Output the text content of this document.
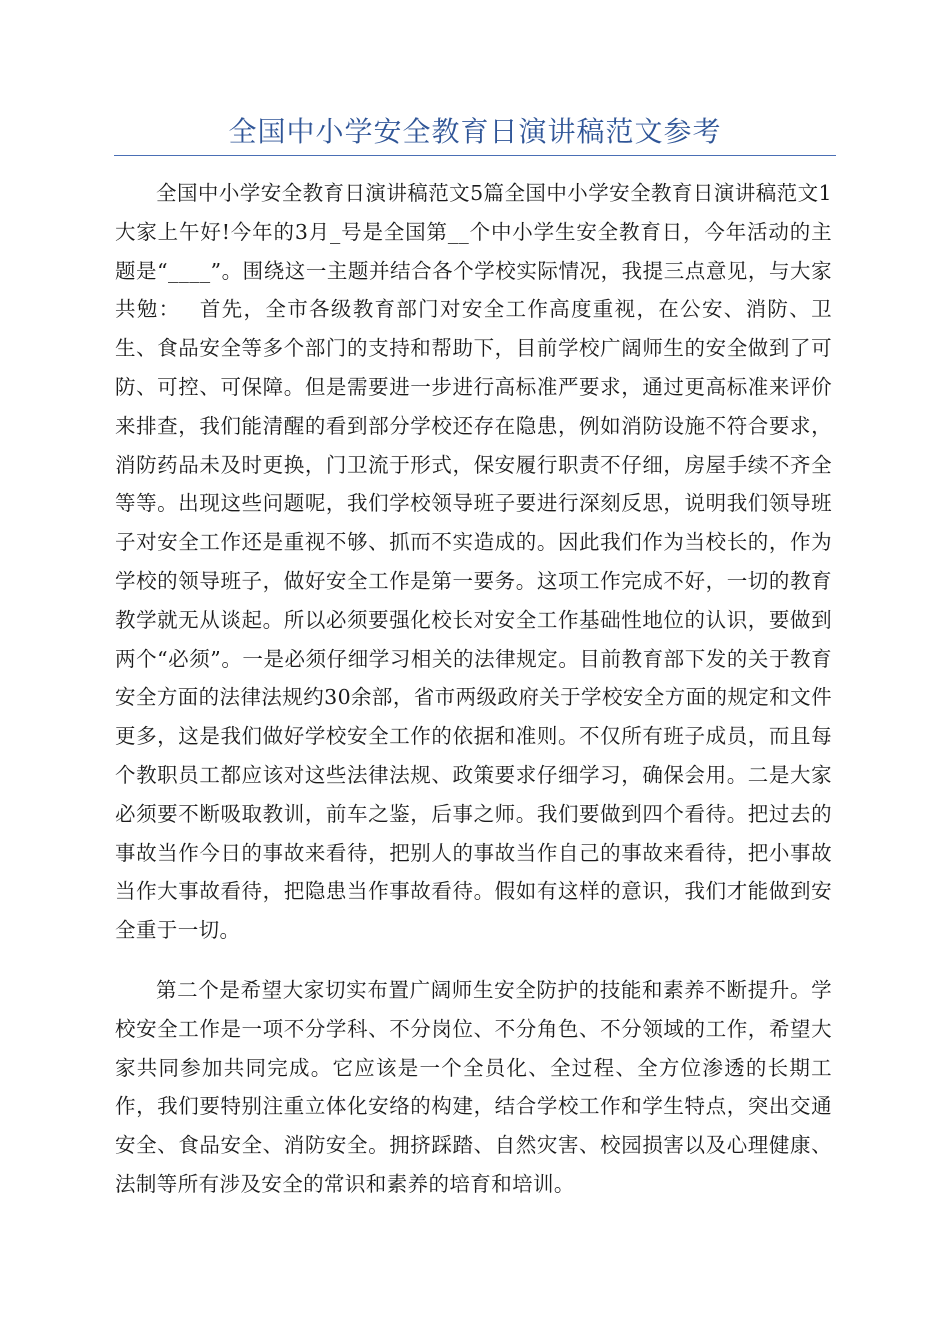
全国中小学安全教育日演讲稿范文参考

全国中小学安全教育日演讲稿范文5篇全国中小学安全教育日演讲稿范文1大家上午好!今年的3月_号是全国第__个中小学生安全教育日，今年活动的主题是“____”。围绕这一主题并结合各个学校实际情况，我提三点意见，与大家共勉：　 首先，全市各级教育部门对安全工作高度重视，在公安、消防、卫生、食品安全等多个部门的支持和帮助下，目前学校广阔师生的安全做到了可防、可控、可保障。但是需要进一步进行高标准严要求，通过更高标准来评价来排查，我们能清醒的看到部分学校还存在隐患，例如消防设施不符合要求，消防药品未及时更换，门卫流于形式，保安履行职责不仔细，房屋手续不齐全等等。出现这些问题呢，我们学校领导班子要进行深刻反思，说明我们领导班子对安全工作还是重视不够、抓而不实造成的。因此我们作为当校长的，作为学校的领导班子，做好安全工作是第一要务。这项工作完成不好，一切的教育教学就无从谈起。所以必须要强化校长对安全工作基础性地位的认识，要做到两个“必须”。一是必须仔细学习相关的法律规定。目前教育部下发的关于教育安全方面的法律法规约30余部，省市两级政府关于学校安全方面的规定和文件更多，这是我们做好学校安全工作的依据和准则。不仅所有班子成员，而且每个教职员工都应该对这些法律法规、政策要求仔细学习，确保会用。二是大家必须要不断吸取教训，前车之鉴，后事之师。我们要做到四个看待。把过去的事故当作今日的事故来看待，把别人的事故当作自己的事故来看待，把小事故当作大事故看待，把隐患当作事故看待。假如有这样的意识，我们才能做到安全重于一切。

第二个是希望大家切实布置广阔师生安全防护的技能和素养不断提升。学校安全工作是一项不分学科、不分岗位、不分角色、不分领域的工作，希望大家共同参加共同完成。它应该是一个全员化、全过程、全方位渗透的长期工作，我们要特别注重立体化安络的构建，结合学校工作和学生特点，突出交通安全、食品安全、消防安全。拥挤踩踏、自然灾害、校园损害以及心理健康、法制等所有涉及安全的常识和素养的培育和培训。
